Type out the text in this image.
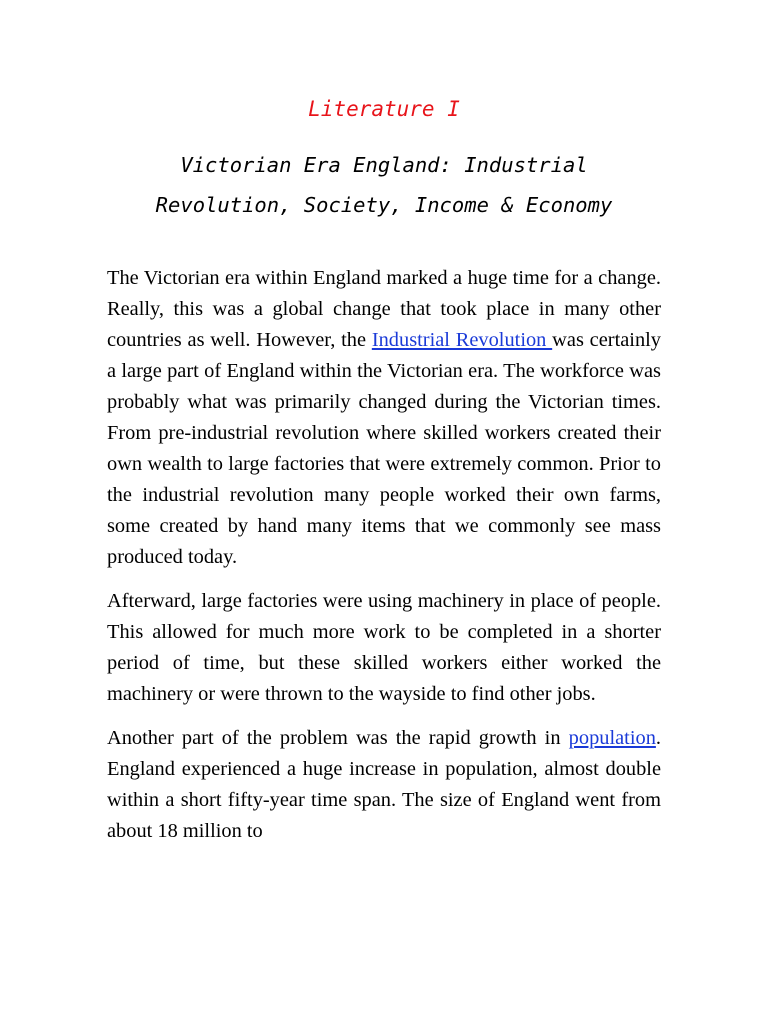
Literature I
Victorian Era England: Industrial
Revolution, Society, Income & Economy

The Victorian era within England marked a huge time for a change. Really, this was a global change that took place in many other countries as well. However, the Industrial Revolution was certainly a large part of England within the Victorian era. The workforce was probably what was primarily changed during the Victorian times. From pre-industrial revolution where skilled workers created their own wealth to large factories that were extremely common. Prior to the industrial revolution many people worked their own farms, some created by hand many items that we commonly see mass produced today.

Afterward, large factories were using machinery in place of people. This allowed for much more work to be completed in a shorter period of time, but these skilled workers either worked the machinery or were thrown to the wayside to find other jobs.

Another part of the problem was the rapid growth in population. England experienced a huge increase in population, almost double within a short fifty-year time span. The size of England went from about 18 million to
